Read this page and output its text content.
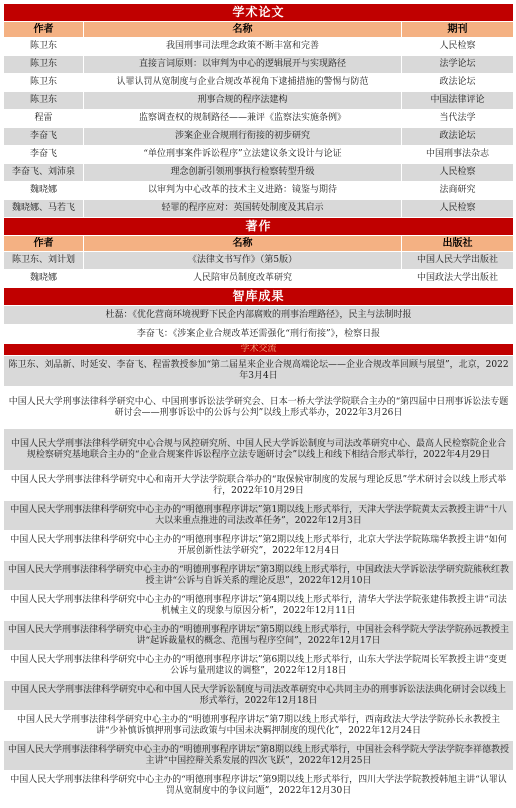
学术论文		
作者	名称	期刊
陈卫东	我国刑事司法理念政策不断丰富和完善	人民检察
陈卫东	直接言词原则：以审判为中心的逻辑展开与实现路径	法学论坛
陈卫东	认罪认罚从宽制度与企业合规改革视角下逮捕措施的警惕与防范	政法论坛
陈卫东	刑事合规的程序法建构	中国法律评论
程雷	监察调查权的规制路径——兼评《监察法实施条例》	当代法学
李奋飞	涉案企业合规刑行衔接的初步研究	政法论坛
李奋飞	“单位刑事案件诉讼程序”立法建议条文设计与论证	中国刑事法杂志
李奋飞、刘沛泉	理念创新引领刑事执行检察转型升级	人民检察
魏晓娜	以审判为中心改革的技术主义进路：镜鉴与期待	法商研究
魏晓娜、马若飞	轻罪的程序应对：英国转处制度及其启示	人民检察
著作		
作者	名称	出版社
陈卫东、刘计划	《法律文书写作》（第5版）	中国人民大学出版社
魏晓娜	人民陪审员制度改革研究	中国政法大学出版社
智库成果		
杜磊：《优化营商环境视野下民企内部腐败的刑事治理路径》，民主与法制时报		
李奋飞：《涉案企业合规改革还需强化“刑行衔接”》，检察日报		
学术交流		
陈卫东、刘品新、时延安、李奋飞、程雷教授参加“第二届星来企业合规高端论坛——企业合规改革回顾与展望”，北京，2022年3月4日		
中国人民大学刑事法律科学研究中心、中国刑事诉讼法学研究会、日本一桥大学法学院联合主办的“第四届中日刑事诉讼法专题研讨会——刑事诉讼中的公诉与公判”以线上形式举办，2022年3月26日		
中国人民大学刑事法律科学研究中心合规与风控研究所、中国人民大学诉讼制度与司法改革研究中心、最高人民检察院企业合规检察研究基地联合主办的“企业合规案件诉讼程序立法专题研讨会”以线上和线下相结合形式举行，2022年4月29日		
中国人民大学刑事法律科学研究中心和南开大学法学院联合举办的“取保候审制度的发展与理论反思”学术研讨会以线上形式举行，2022年10月29日		
中国人民大学刑事法律科学研究中心主办的“明德刑事程序讲坛”第1期以线上形式举行，天津大学法学院黄太云教授主讲“十八大以来重点推进的司法改革任务”，2022年12月3日		
中国人民大学刑事法律科学研究中心主办的“明德刑事程序讲坛”第2期以线上形式举行，北京大学法学院陈瑞华教授主讲“如何开展创新性法学研究”，2022年12月4日		
中国人民大学刑事法律科学研究中心主办的“明德刑事程序讲坛”第3期以线上形式举行，中国政法大学诉讼法学研究院熊秋红教授主讲“公诉与自诉关系的理论反思”，2022年12月10日		
中国人民大学刑事法律科学研究中心主办的“明德刑事程序讲坛”第4期以线上形式举行，清华大学法学院张建伟教授主讲“司法机械主义的现象与原因分析”，2022年12月11日		
中国人民大学刑事法律科学研究中心主办的“明德刑事程序讲坛”第5期以线上形式举行，中国社会科学院大学法学院孙远教授主讲“起诉裁量权的概念、范围与程序空间”，2022年12月17日		
中国人民大学刑事法律科学研究中心主办的“明德刑事程序讲坛”第6期以线上形式举行，山东大学法学院周长军教授主讲“变更公诉与量刑建议的调整”，2022年12月18日		
中国人民大学刑事法律科学研究中心和中国人民大学诉讼制度与司法改革研究中心共同主办的刑事诉讼法法典化研讨会以线上形式举行，2022年12月18日		
中国人民大学刑事法律科学研究中心主办的“明德刑事程序讲坛”第7期以线上形式举行，西南政法大学法学院孙长永教授主讲“少补慎诉慎押刑事司法政策与中国未决羁押制度的现代化”，2022年12月24日		
中国人民大学刑事法律科学研究中心主办的“明德刑事程序讲坛”第8期以线上形式举行，中国社会科学院大学法学院李祥德教授主讲“中国控辩关系发展的四次飞跃”，2022年12月25日		
中国人民大学刑事法律科学研究中心主办的“明德刑事程序讲坛”第9期以线上形式举行，四川大学法学院教授韩旭主讲“认罪认罚从宽制度中的争议问题”，2022年12月30日		
